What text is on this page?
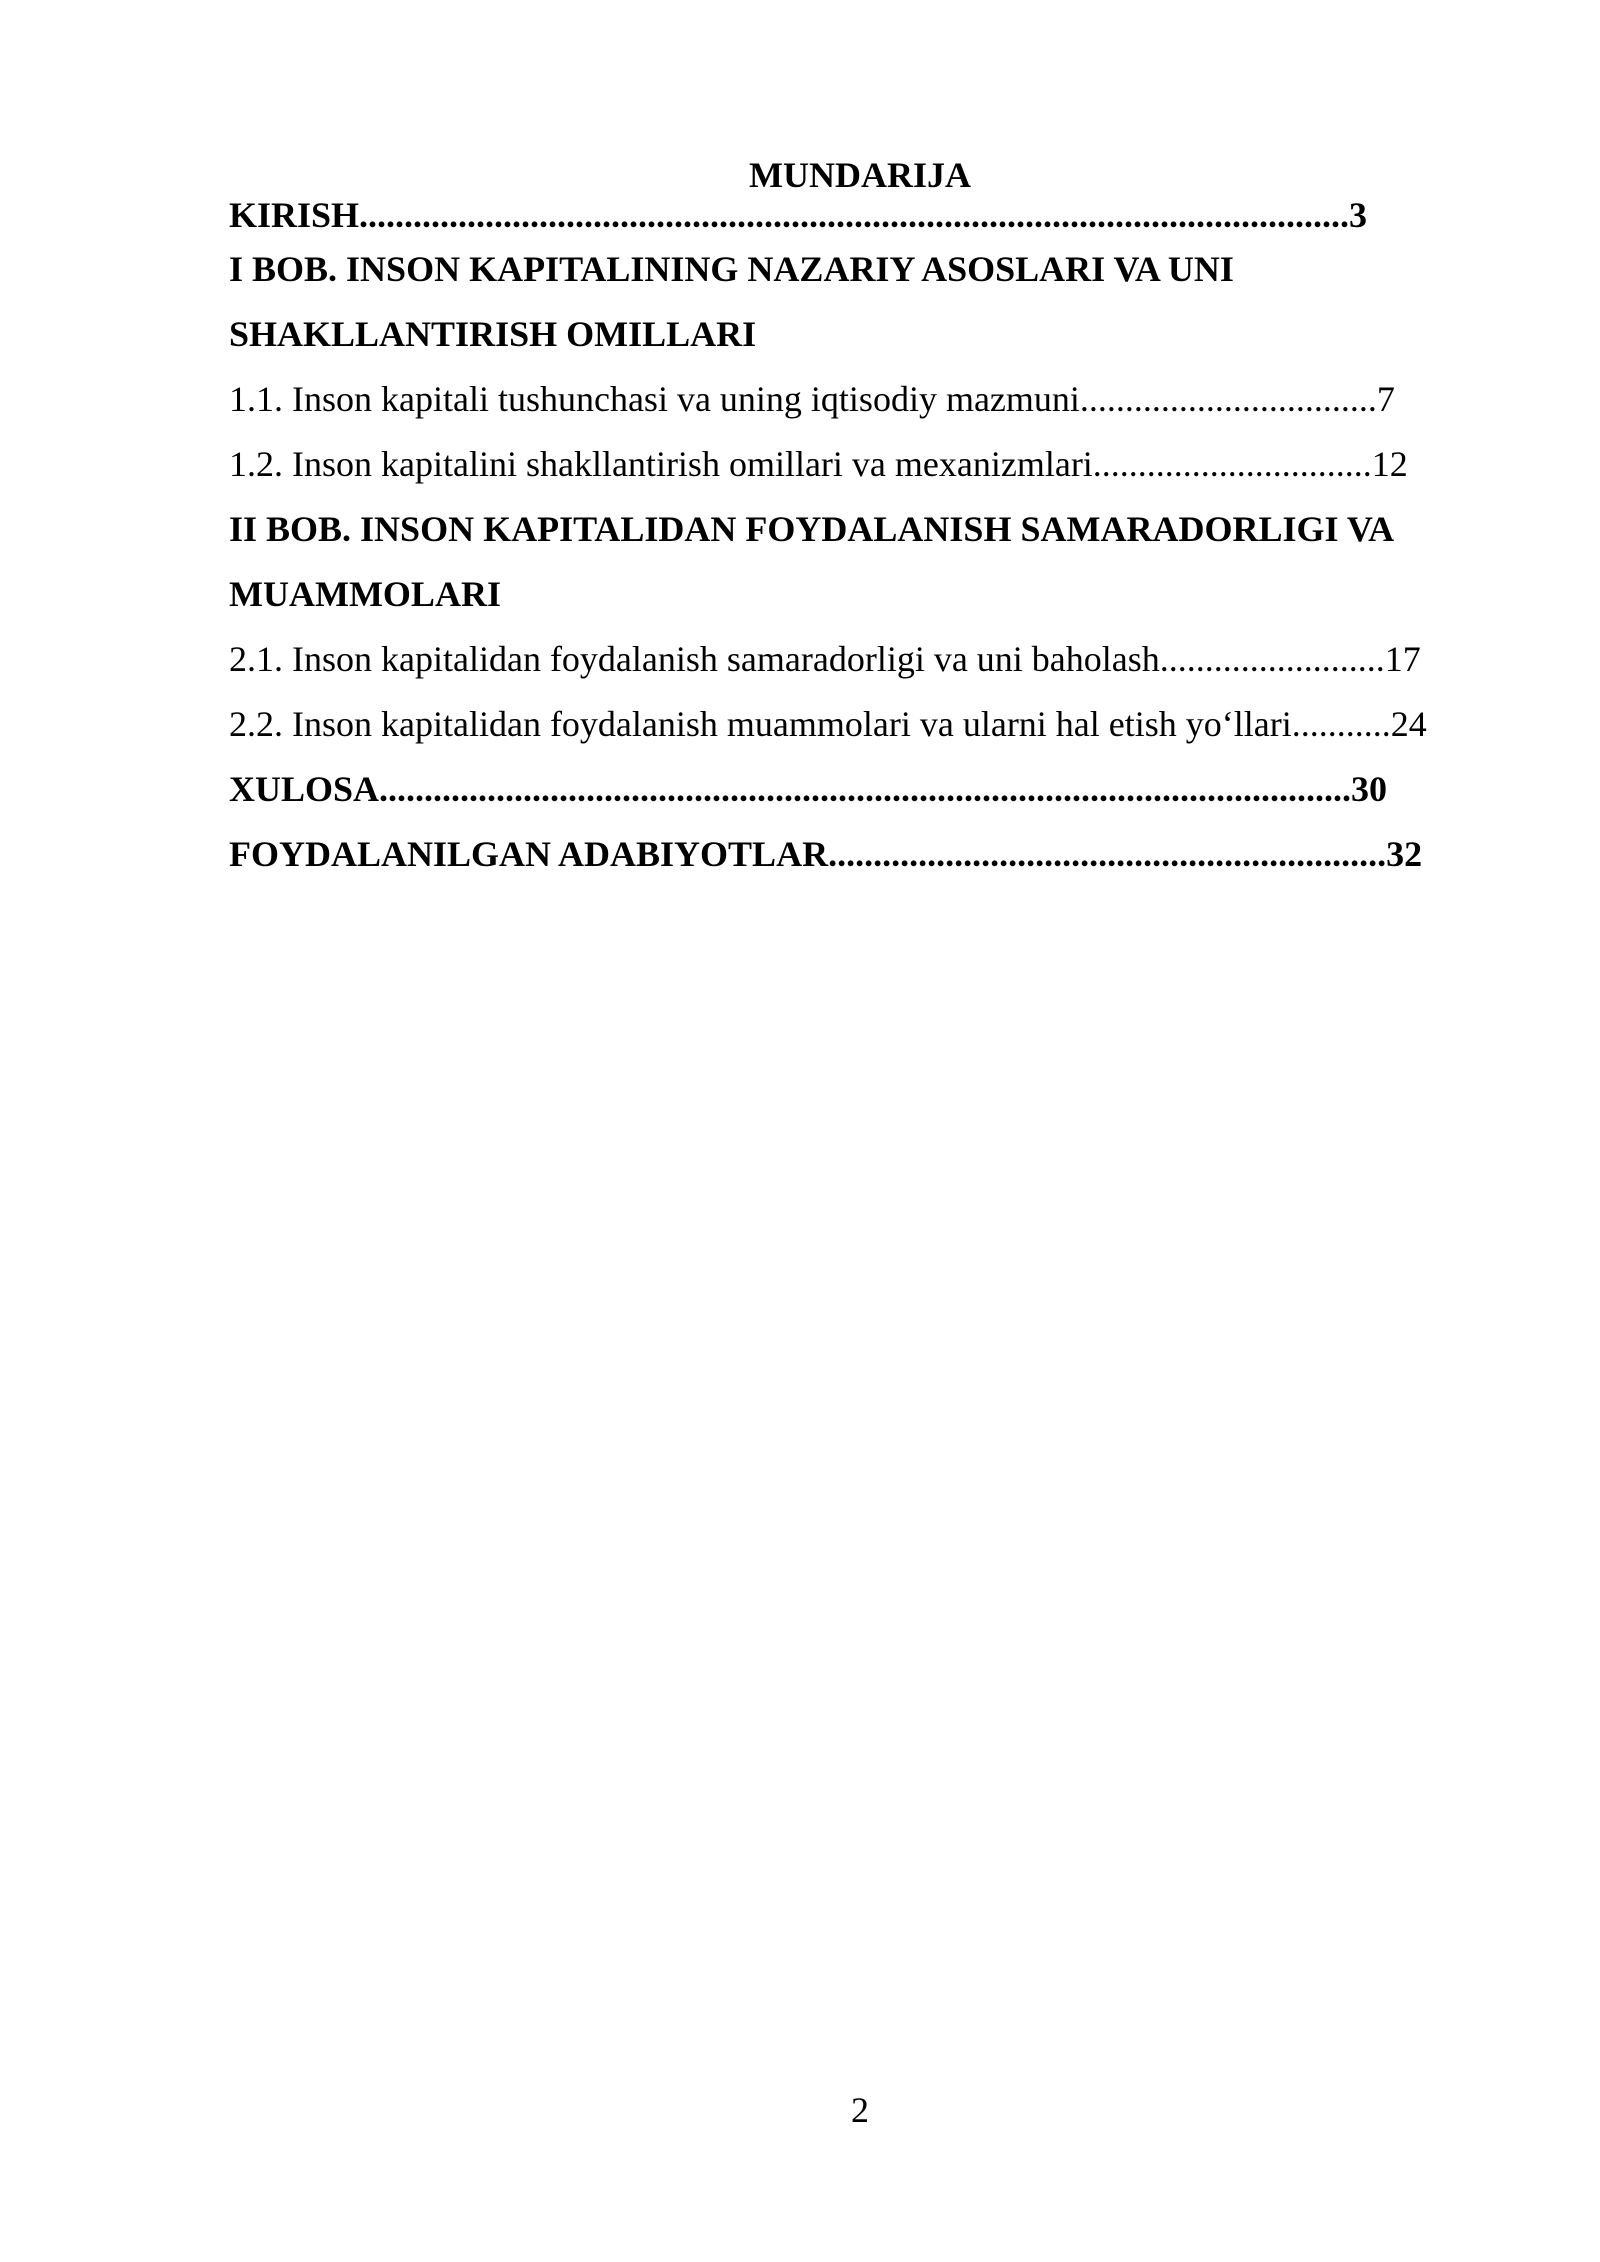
MUNDARIJA
KIRISH..............................................................................................................3
I BOB. INSON KAPITALINING NAZARIY ASOSLARI VA UNI
SHAKLLANTIRISH OMILLARI
1.1. Inson kapitali tushunchasi va uning iqtisodiy mazmuni.................................7
1.2. Inson kapitalini shakllantirish omillari va mexanizmlari...............................12
II BOB. INSON KAPITALIDAN FOYDALANISH SAMARADORLIGI VA
MUAMMOLARI
2.1. Inson kapitalidan foydalanish samaradorligi va uni baholash.........................17
2.2. Inson kapitalidan foydalanish muammolari va ularni hal etish yo‘llari...........24
XULOSA............................................................................................................30
FOYDALANILGAN ADABIYOTLAR..............................................................32
2
